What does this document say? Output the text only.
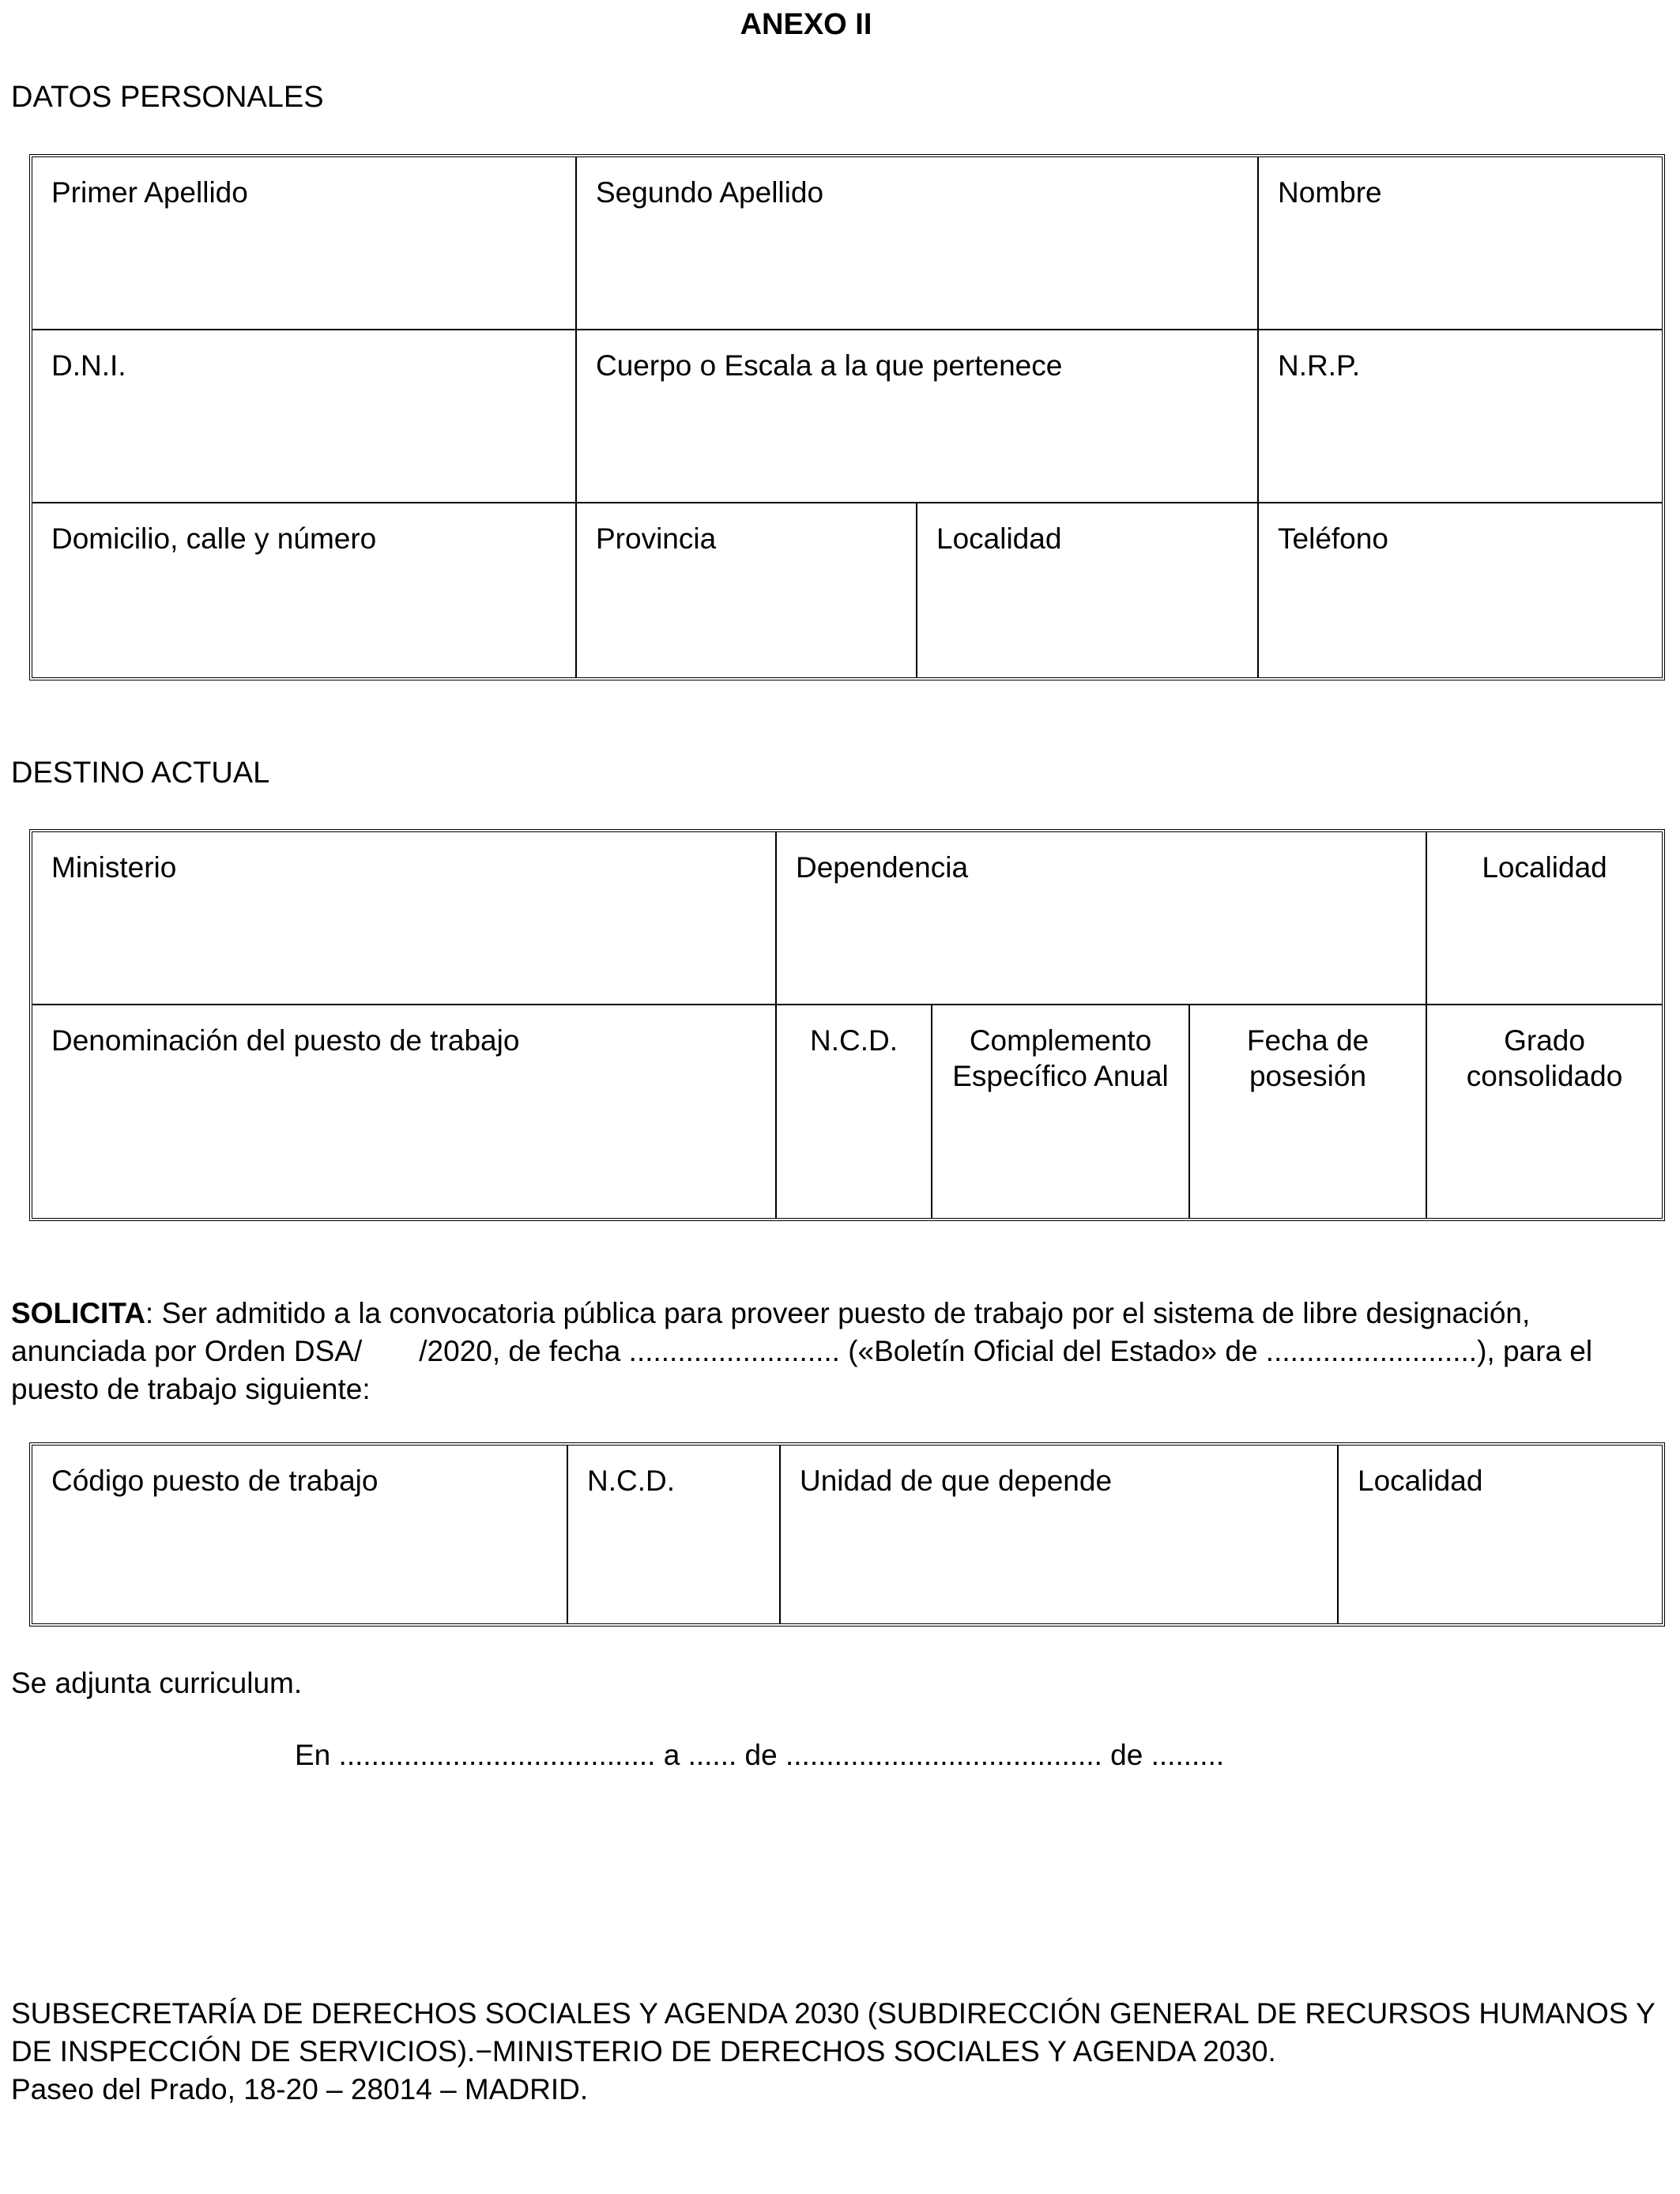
ANEXO II
DATOS PERSONALES
Primer Apellido	Segundo Apellido		Nombre
D.N.I.	Cuerpo o Escala a la que pertenece		N.R.P.
Domicilio, calle y número	Provincia	Localidad	Teléfono
DESTINO ACTUAL
Ministerio	Dependencia			Localidad
Denominación del puesto de trabajo	N.C.D.	Complemento Específico Anual	Fecha de posesión	Grado consolidado
SOLICITA: Ser admitido a la convocatoria pública para proveer puesto de trabajo por el sistema de libre designación, anunciada por Orden DSA/ /2020, de fecha .......................... («Boletín Oficial del Estado» de ..........................), para el puesto de trabajo siguiente:
Código puesto de trabajo	N.C.D.	Unidad de que depende	Localidad
Se adjunta curriculum.
En ....................................... a ...... de ....................................... de .........
SUBSECRETARÍA DE DERECHOS SOCIALES Y AGENDA 2030 (SUBDIRECCIÓN GENERAL DE RECURSOS HUMANOS Y DE INSPECCIÓN DE SERVICIOS).−MINISTERIO DE DERECHOS SOCIALES Y AGENDA 2030.
Paseo del Prado, 18-20 – 28014 – MADRID.
